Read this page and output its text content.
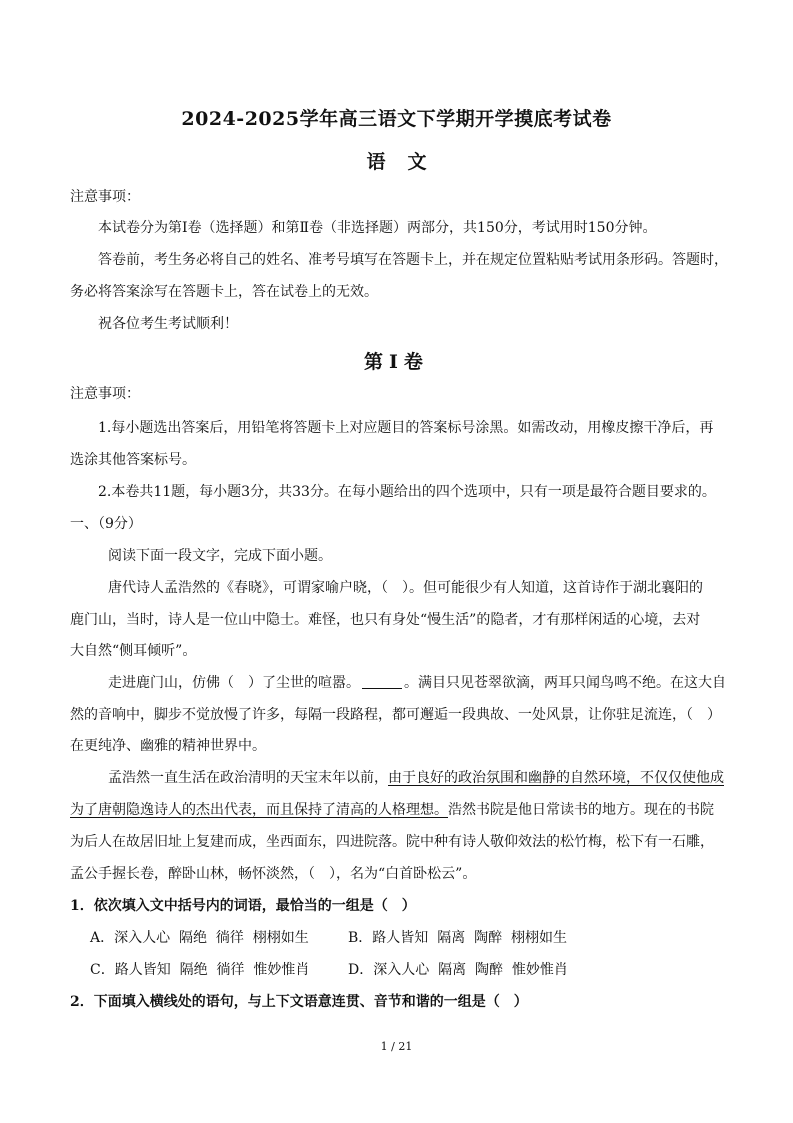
2024-2025学年高三语文下学期开学摸底考试卷
语文
注意事项：
本试卷分为第Ⅰ卷（选择题）和第Ⅱ卷（非选择题）两部分，共150分，考试用时150分钟。
答卷前，考生务必将自己的姓名、准考号填写在答题卡上，并在规定位置粘贴考试用条形码。答题时，
务必将答案涂写在答题卡上，答在试卷上的无效。
祝各位考生考试顺利！
第Ⅰ卷
注意事项：
1.每小题选出答案后，用铅笔将答题卡上对应题目的答案标号涂黑。如需改动，用橡皮擦干净后，再
选涂其他答案标号。
2.本卷共11题，每小题3分，共33分。在每小题给出的四个选项中，只有一项是最符合题目要求的。
一、（9分）
阅读下面一段文字，完成下面小题。
唐代诗人孟浩然的《春晓》，可谓家喻户晓，（　）。但可能很少有人知道，这首诗作于湖北襄阳的
鹿门山，当时，诗人是一位山中隐士。难怪，也只有身处“慢生活”的隐者，才有那样闲适的心境，去对
大自然“侧耳倾听”。
走进鹿门山，仿佛（　）了尘世的喧嚣。	。满目只见苍翠欲滴，两耳只闻鸟鸣不绝。在这大自
然的音响中，脚步不觉放慢了许多，每隔一段路程，都可邂逅一段典故、一处风景，让你驻足流连，（　）
在更纯净、幽雅的精神世界中。
孟浩然一直生活在政治清明的天宝末年以前，由于良好的政治氛围和幽静的自然环境，不仅仅使他成
为了唐朝隐逸诗人的杰出代表，而且保持了清高的人格理想。浩然书院是他日常读书的地方。现在的书院
为后人在故居旧址上复建而成，坐西面东，四进院落。院中种有诗人敬仰效法的松竹梅，松下有一石雕，
孟公手握长卷，醉卧山林，畅怀淡然，（　），名为“白首卧松云”。
1．依次填入文中括号内的词语，最恰当的一组是（　）
A．深入人心  隔绝  徜徉  栩栩如生	B．路人皆知  隔离  陶醉  栩栩如生
C．路人皆知  隔绝  徜徉  惟妙惟肖	D．深入人心  隔离  陶醉  惟妙惟肖
2．下面填入横线处的语句，与上下文语意连贯、音节和谐的一组是（　）
1 / 21
